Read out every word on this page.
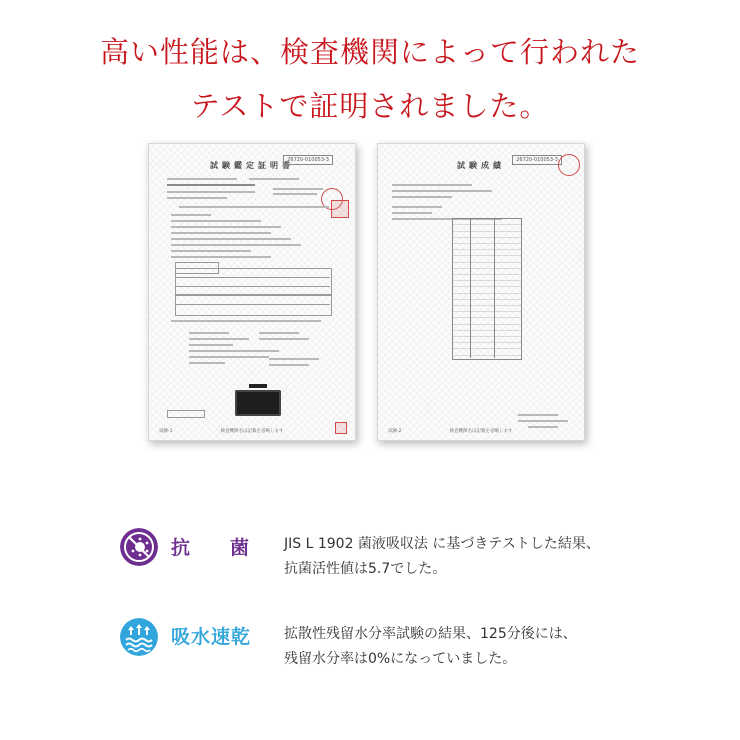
高い性能は、検査機関によって行われた
テストで証明されました。
試験鑑定証明書
26720-010053-3
試験-1	検査機関名は記載を省略します
試験成績
26720-010053-3
試験-2	検査機関名は記載を省略します

抗菌

JIS L 1902 菌液吸収法 に基づきテストした結果、
抗菌活性値は5.7でした。

吸水速乾 拡散性残留水分率試験の結果、125分後には、
残留水分率は0%になっていました。
